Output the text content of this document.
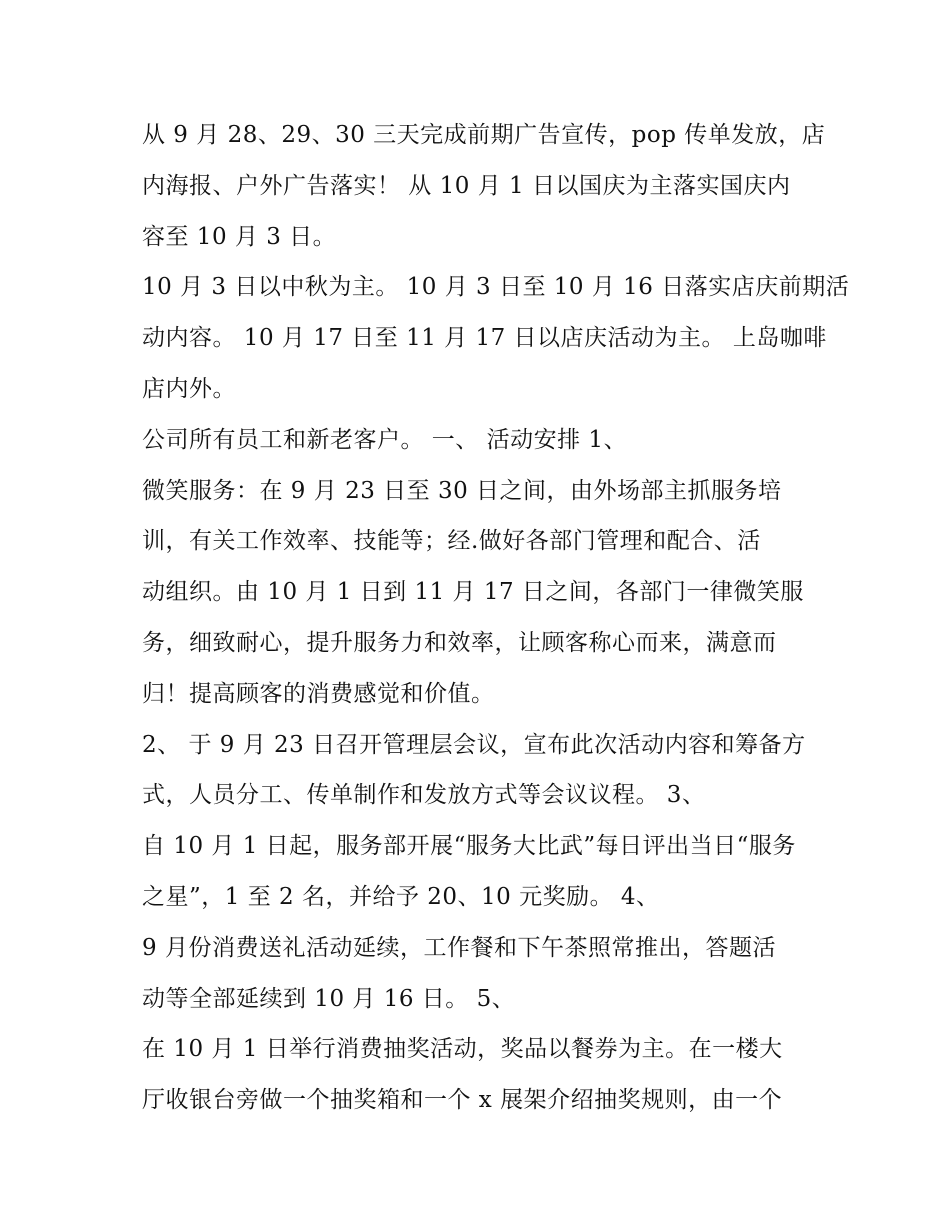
从 9 月 28、29、30 三天完成前期广告宣传，pop 传单发放，店
内海报、户外广告落实！ 从 10 月 1 日以国庆为主落实国庆内
容至 10 月 3 日。
10 月 3 日以中秋为主。 10 月 3 日至 10 月 16 日落实店庆前期活
动内容。 10 月 17 日至 11 月 17 日以店庆活动为主。 上岛咖啡
店内外。
公司所有员工和新老客户。 一、 活动安排 1、
微笑服务：在 9 月 23 日至 30 日之间，由外场部主抓服务培
训，有关工作效率、技能等；经.做好各部门管理和配合、活
动组织。由 10 月 1 日到 11 月 17 日之间，各部门一律微笑服
务，细致耐心，提升服务力和效率，让顾客称心而来，满意而
归！提高顾客的消费感觉和价值。
2、 于 9 月 23 日召开管理层会议，宣布此次活动内容和筹备方
式，人员分工、传单制作和发放方式等会议议程。 3、
自 10 月 1 日起，服务部开展“服务大比武”每日评出当日“服务
之星”，1 至 2 名，并给予 20、10 元奖励。 4、
9 月份消费送礼活动延续，工作餐和下午茶照常推出，答题活
动等全部延续到 10 月 16 日。 5、
在 10 月 1 日举行消费抽奖活动，奖品以餐券为主。在一楼大
厅收银台旁做一个抽奖箱和一个 x 展架介绍抽奖规则，由一个
